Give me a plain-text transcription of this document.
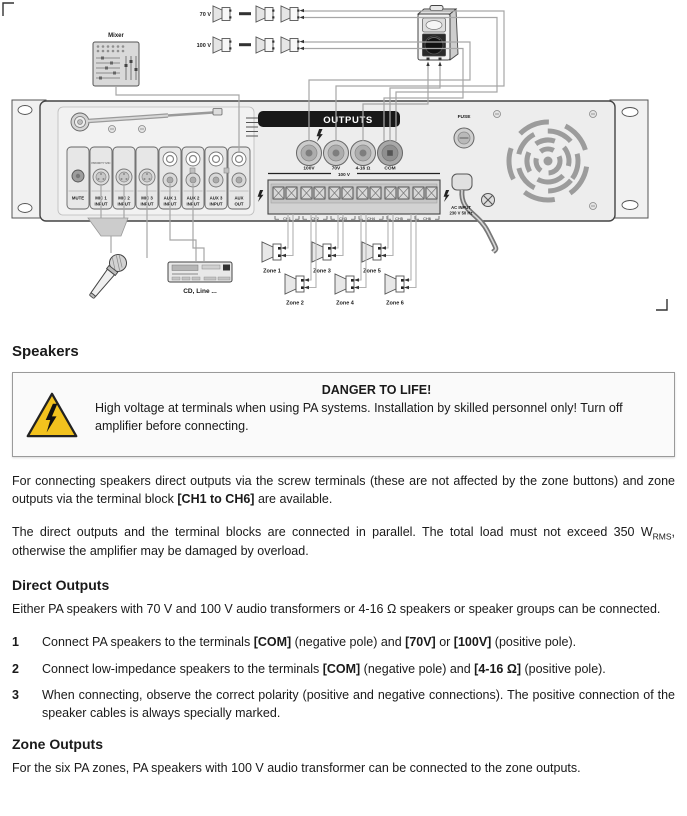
Mixer
70 V
100 V
MUTE
PRIORITY MIC
MIC 1
INPUT
MIC 2
INPUT
MIC 3
INPUT
AUX 1
INPUT
AUX 2
INPUT
AUX 3
INPUT
AUX
OUT
OUTPUTS
100V	70V	4-16 Ω	COM
100 V
CH1	CH2	CH3	CH4	CH5	CH6
FUSE
AC INPUT
230 V 50 Hz
CD, Line ...
Zone 1	Zone 3	Zone 5
Zone 2	Zone 4	Zone 6
Speakers
DANGER TO LIFE!
High voltage at terminals when using PA systems. Installation by skilled personnel only! Turn off amplifier before connecting.

For connecting speakers direct outputs via the screw terminals (these are not affected by the zone buttons) and zone outputs via the terminal block [CH1 to CH6] are available.

The direct outputs and the terminal blocks are connected in parallel. The total load must not exceed 350 $W_{RMS}$, otherwise the amplifier may be damaged by overload.

Direct Outputs

Either PA speakers with 70 V and 100 V audio transformers or 4-16 Ω speakers or speaker groups can be connected.

1	Connect PA speakers to the terminals [COM] (negative pole) and [70V] or [100V] (positive pole).
2	Connect low-impedance speakers to the terminals [COM] (negative pole) and [4-16 Ω] (positive pole).
3	When connecting, observe the correct polarity (positive and negative connections). The positive connection of the speaker cables is always specially marked.
Zone Outputs

For the six PA zones, PA speakers with 100 V audio transformer can be connected to the zone outputs.
